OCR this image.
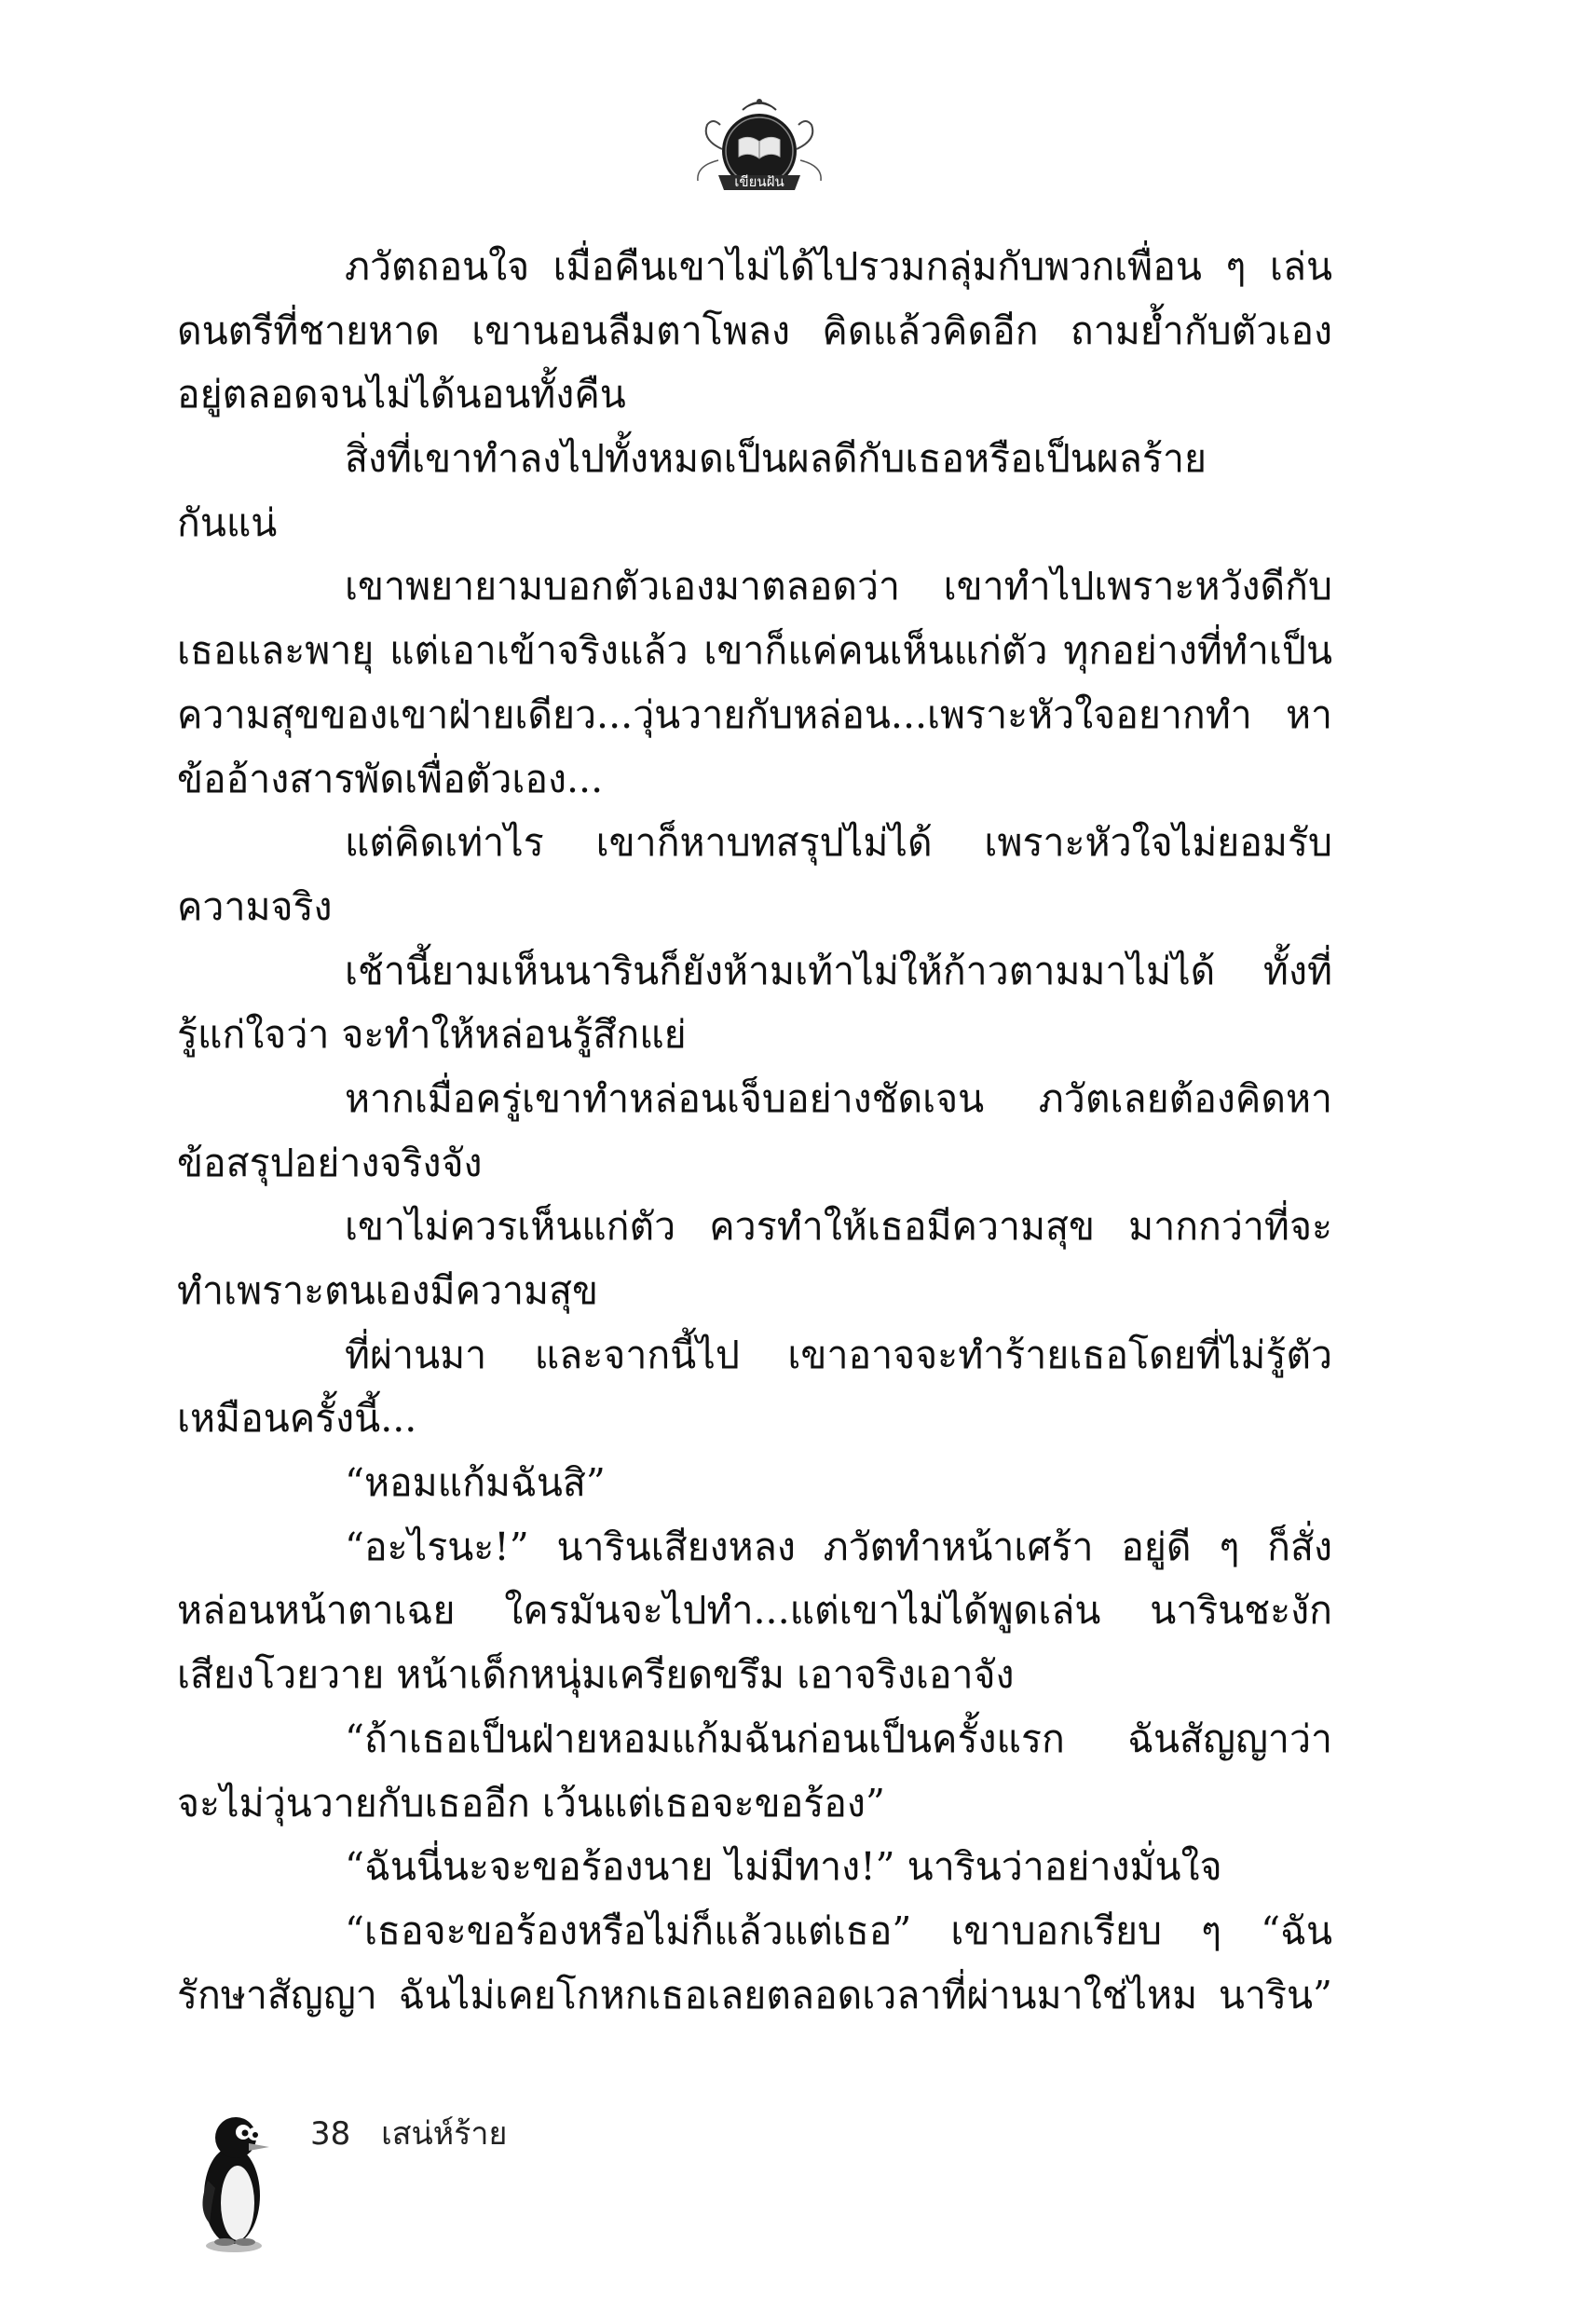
เขียนฝัน
ภวัตถอนใจ เมื่อคืนเขาไม่ได้ไปรวมกลุ่มกับพวกเพื่อน ๆ เล่น
ดนตรีที่ชายหาด เขานอนลืมตาโพลง คิดแล้วคิดอีก ถามย้ำกับตัวเอง
อยู่ตลอดจนไม่ได้นอนทั้งคืน
สิ่งที่เขาทำลงไปทั้งหมดเป็นผลดีกับเธอหรือเป็นผลร้าย
กันแน่
เขาพยายามบอกตัวเองมาตลอดว่า เขาทำไปเพราะหวังดีกับ
เธอและพายุ แต่เอาเข้าจริงแล้ว เขาก็แค่คนเห็นแก่ตัว ทุกอย่างที่ทำเป็น
ความสุขของเขาฝ่ายเดียว...วุ่นวายกับหล่อน...เพราะหัวใจอยากทำ หา
ข้ออ้างสารพัดเพื่อตัวเอง...
แต่คิดเท่าไร เขาก็หาบทสรุปไม่ได้ เพราะหัวใจไม่ยอมรับ
ความจริง
เช้านี้ยามเห็นนารินก็ยังห้ามเท้าไม่ให้ก้าวตามมาไม่ได้ ทั้งที่
รู้แก่ใจว่า จะทำให้หล่อนรู้สึกแย่
หากเมื่อครู่เขาทำหล่อนเจ็บอย่างชัดเจน ภวัตเลยต้องคิดหา
ข้อสรุปอย่างจริงจัง
เขาไม่ควรเห็นแก่ตัว ควรทำให้เธอมีความสุข มากกว่าที่จะ
ทำเพราะตนเองมีความสุข
ที่ผ่านมา และจากนี้ไป เขาอาจจะทำร้ายเธอโดยที่ไม่รู้ตัว
เหมือนครั้งนี้...
“หอมแก้มฉันสิ”
“อะไรนะ!” นารินเสียงหลง ภวัตทำหน้าเศร้า อยู่ดี ๆ ก็สั่ง
หล่อนหน้าตาเฉย ใครมันจะไปทำ...แต่เขาไม่ได้พูดเล่น นารินชะงัก
เสียงโวยวาย หน้าเด็กหนุ่มเครียดขรึม เอาจริงเอาจัง
“ถ้าเธอเป็นฝ่ายหอมแก้มฉันก่อนเป็นครั้งแรก ฉันสัญญาว่า
จะไม่วุ่นวายกับเธออีก เว้นแต่เธอจะขอร้อง”
“ฉันนี่นะจะขอร้องนาย ไม่มีทาง!” นารินว่าอย่างมั่นใจ
“เธอจะขอร้องหรือไม่ก็แล้วแต่เธอ” เขาบอกเรียบ ๆ “ฉัน
รักษาสัญญา ฉันไม่เคยโกหกเธอเลยตลอดเวลาที่ผ่านมาใช่ไหม นาริน”
38 เสน่ห์ร้าย
